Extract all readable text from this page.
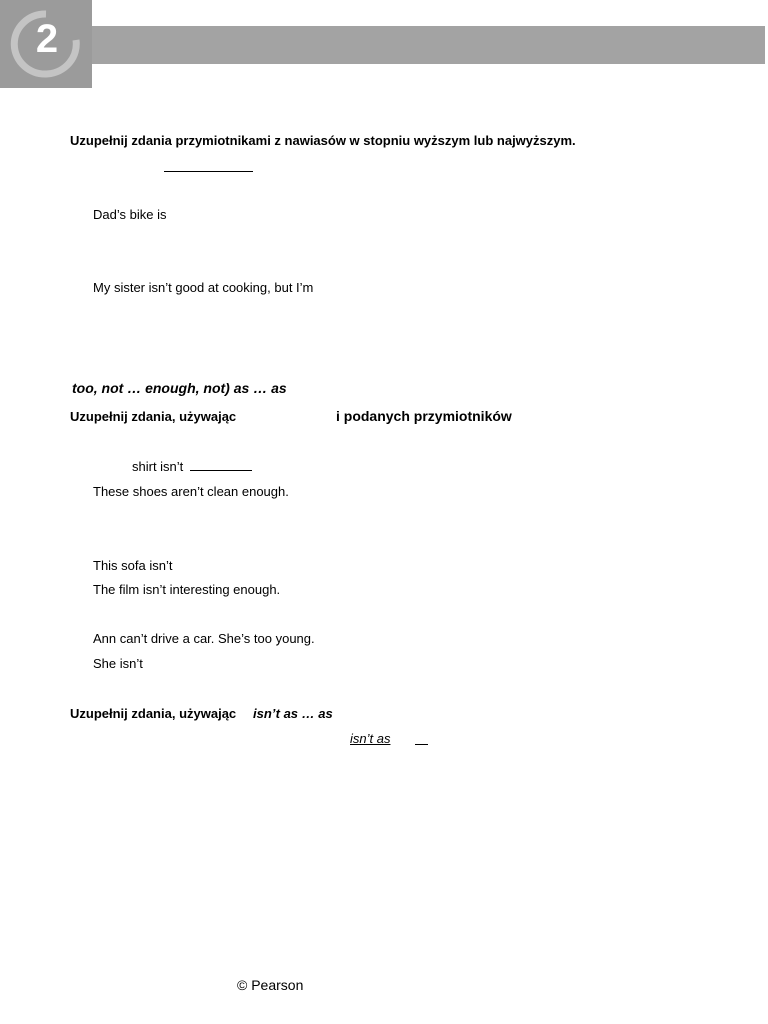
2
Uzupełnij zdania przymiotnikami z nawiasów w stopniu wyższym lub najwyższym.
Dad’s bike is
My sister isn’t good at cooking, but I’m
too, not … enough, not) as … as
Uzupełnij zdania, używając	i podanych przymiotników
shirt isn’t
These shoes aren’t clean enough.
This sofa isn’t
The film isn’t interesting enough.
Ann can’t drive a car. She’s too young.
She isn’t
Uzupełnij zdania, używając isn’t as … as
isn’t as
© Pearson
